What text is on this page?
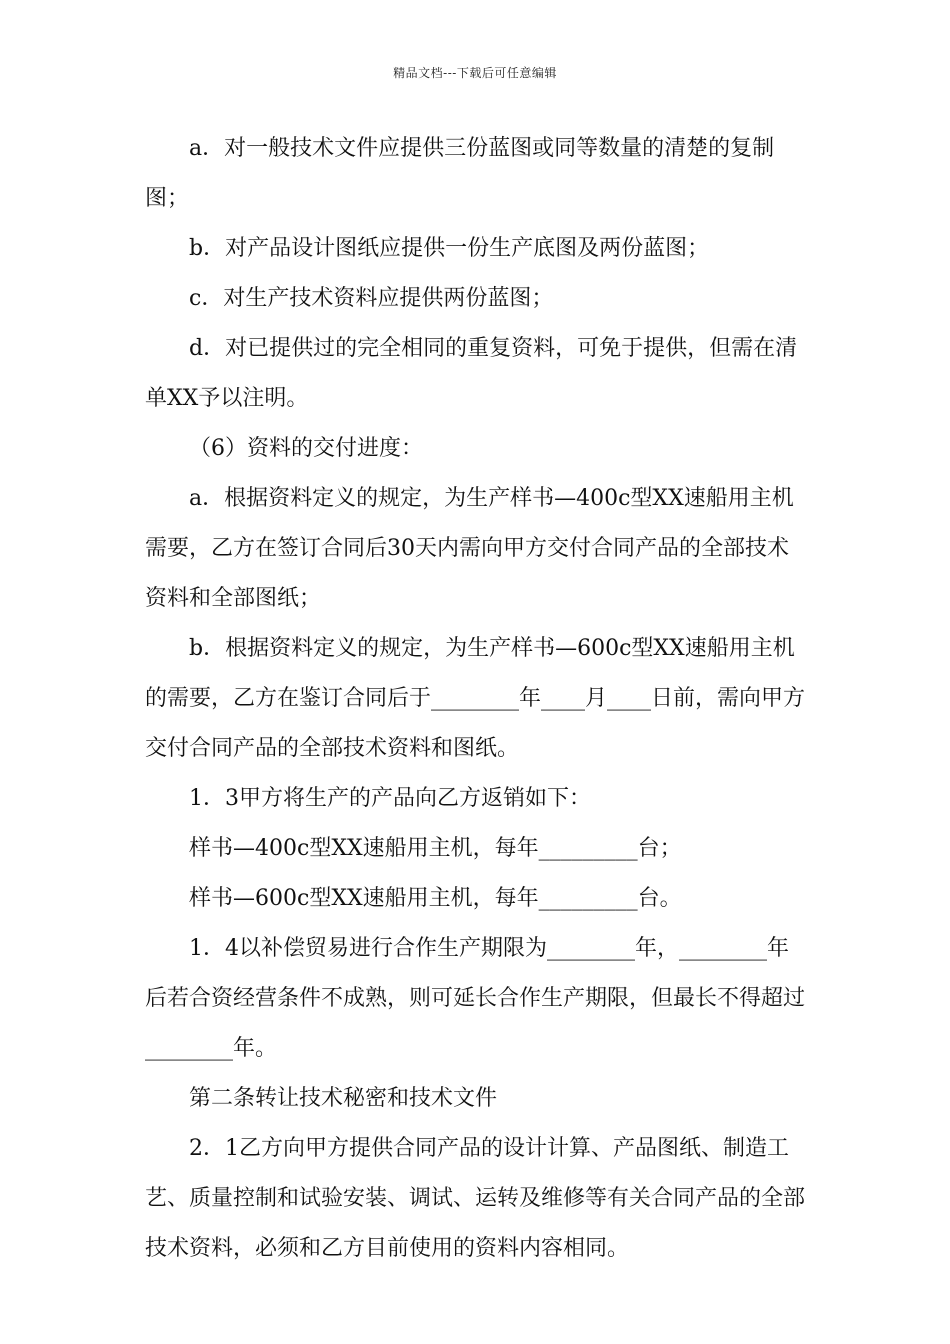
精品文档---下载后可任意编辑

a．对一般技术文件应提供三份蓝图或同等数量的清楚的复制图；

b．对产品设计图纸应提供一份生产底图及两份蓝图；

c．对生产技术资料应提供两份蓝图；

d．对已提供过的完全相同的重复资料，可免于提供，但需在清单XX予以注明。

（6）资料的交付进度：

a．根据资料定义的规定，为生产样书—400c型XX速船用主机需要，乙方在签订合同后30天内需向甲方交付合同产品的全部技术资料和全部图纸；

b．根据资料定义的规定，为生产样书—600c型XX速船用主机的需要，乙方在鉴订合同后于________年____月____日前，需向甲方交付合同产品的全部技术资料和图纸。

1．3甲方将生产的产品向乙方返销如下：

样书—400c型XX速船用主机，每年_________台；

样书—600c型XX速船用主机，每年_________台。

1．4以补偿贸易进行合作生产期限为________年，________年后若合资经营条件不成熟，则可延长合作生产期限，但最长不得超过________年。

第二条转让技术秘密和技术文件

2．1乙方向甲方提供合同产品的设计计算、产品图纸、制造工艺、质量控制和试验安装、调试、运转及维修等有关合同产品的全部技术资料，必须和乙方目前使用的资料内容相同。
